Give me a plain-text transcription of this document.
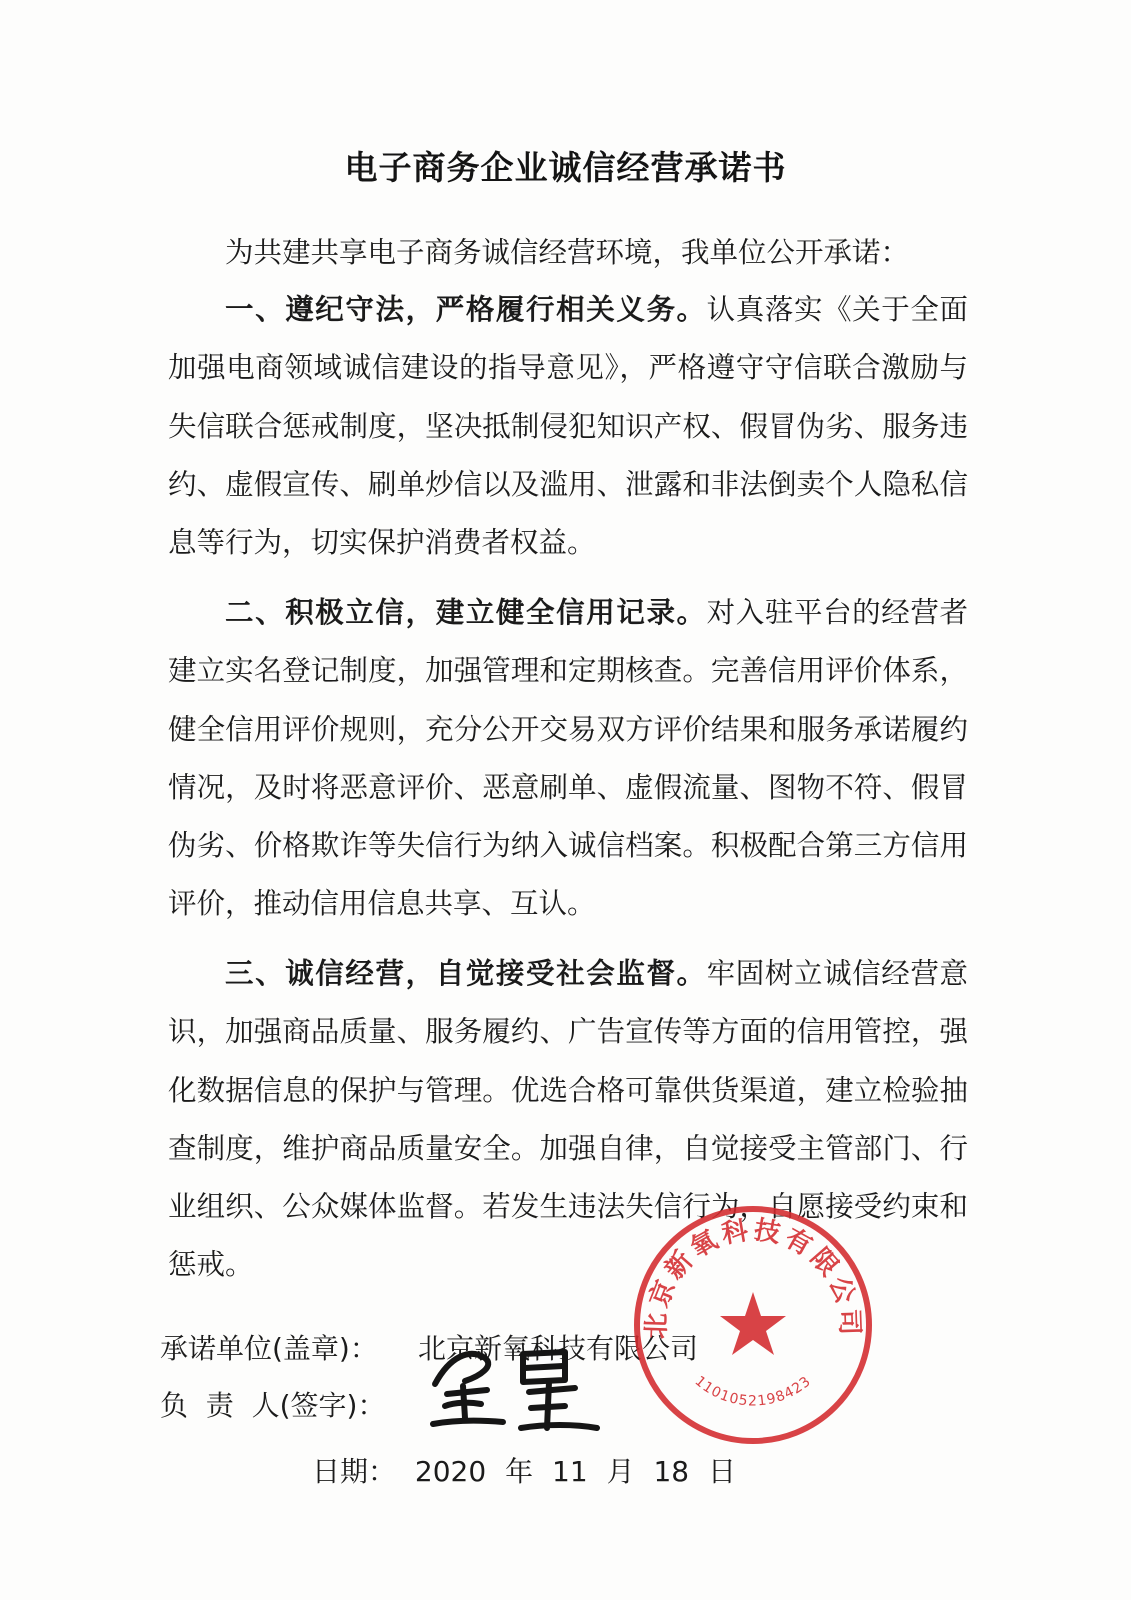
电子商务企业诚信经营承诺书

为共建共享电子商务诚信经营环境，我单位公开承诺：

一、遵纪守法，严格履行相关义务。认真落实《关于全面加强电商领域诚信建设的指导意见》，严格遵守守信联合激励与失信联合惩戒制度，坚决抵制侵犯知识产权、假冒伪劣、服务违约、虚假宣传、刷单炒信以及滥用、泄露和非法倒卖个人隐私信息等行为，切实保护消费者权益。

二、积极立信，建立健全信用记录。对入驻平台的经营者建立实名登记制度，加强管理和定期核查。完善信用评价体系，健全信用评价规则，充分公开交易双方评价结果和服务承诺履约情况，及时将恶意评价、恶意刷单、虚假流量、图物不符、假冒伪劣、价格欺诈等失信行为纳入诚信档案。积极配合第三方信用评价，推动信用信息共享、互认。

三、诚信经营，自觉接受社会监督。牢固树立诚信经营意识，加强商品质量、服务履约、广告宣传等方面的信用管控，强化数据信息的保护与管理。优选合格可靠供货渠道，建立检验抽查制度，维护商品质量安全。加强自律，自觉接受主管部门、行业组织、公众媒体监督。若发生违法失信行为，自愿接受约束和惩戒。

承诺单位(盖章)： 北京新氧科技有限公司
负  责  人(签字)：
日期： 2020 年 11 月 18 日
北京新氧科技有限公司
1101052198423
